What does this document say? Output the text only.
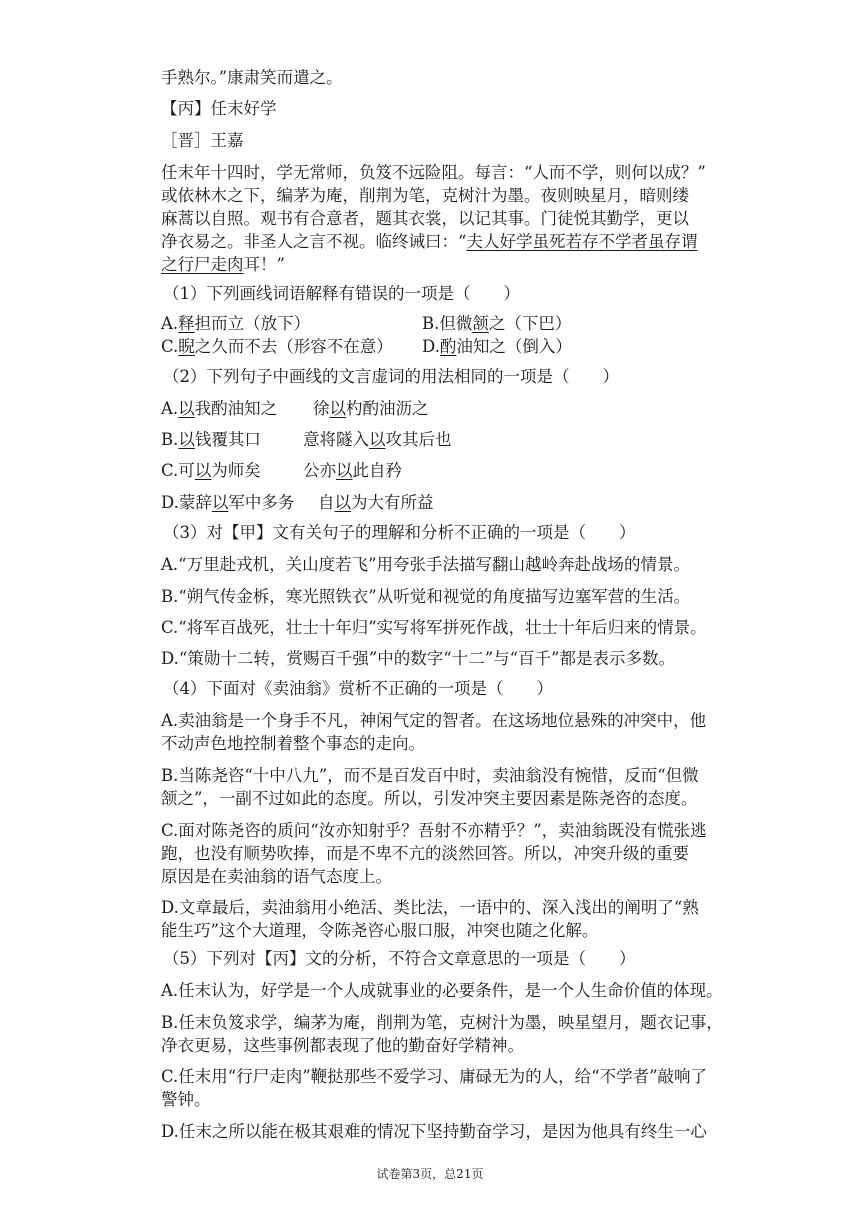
手熟尔。”康肃笑而遣之。
【丙】任末好学
［晋］王嘉
任末年十四时，学无常师，负笈不远险阻。每言：“人而不学，则何以成？”
或依林木之下，编茅为庵，削荆为笔，克树汁为墨。夜则映星月，暗则缕
麻蒿以自照。观书有合意者，题其衣裳，以记其事。门徒悦其勤学，更以
净衣易之。非圣人之言不视。临终诫曰：“夫人好学虽死若存不学者虽存谓
之行尸走肉耳！”
（1）下列画线词语解释有错误的一项是（　　）
A.释担而立（放下）	B.但微颔之（下巴）
C.睨之久而不去（形容不在意） D.酌油知之（倒入）
（2）下列句子中画线的文言虚词的用法相同的一项是（　　）
A.以我酌油知之 徐以杓酌油沥之
B.以钱覆其口	意将隧入以攻其后也
C.可以为师矣	公亦以此自矜
D.蒙辞以军中多务 自以为大有所益
（3）对【甲】文有关句子的理解和分析不正确的一项是（　　）
A.“万里赴戎机，关山度若飞”用夸张手法描写翻山越岭奔赴战场的情景。
B.“朔气传金柝，寒光照铁衣”从听觉和视觉的角度描写边塞军营的生活。
C.“将军百战死，壮士十年归”实写将军拼死作战，壮士十年后归来的情景。
D.“策勋十二转，赏赐百千强”中的数字“十二”与“百千”都是表示多数。
（4）下面对《卖油翁》赏析不正确的一项是（　　）
A.卖油翁是一个身手不凡，神闲气定的智者。在这场地位悬殊的冲突中，他
不动声色地控制着整个事态的走向。
B.当陈尧咨“十中八九”，而不是百发百中时，卖油翁没有惋惜，反而“但微
颔之”，一副不过如此的态度。所以，引发冲突主要因素是陈尧咨的态度。
C.面对陈尧咨的质问“汝亦知射乎？吾射不亦精乎？”，卖油翁既没有慌张逃
跑，也没有顺势吹捧，而是不卑不亢的淡然回答。所以，冲突升级的重要
原因是在卖油翁的语气态度上。
D.文章最后，卖油翁用小绝活、类比法，一语中的、深入浅出的阐明了“熟
能生巧”这个大道理，令陈尧咨心服口服，冲突也随之化解。
（5）下列对【丙】文的分析，不符合文章意思的一项是（　　）
A.任末认为，好学是一个人成就事业的必要条件，是一个人生命价值的体现。
B.任末负笈求学，编茅为庵，削荆为笔，克树汁为墨，映星望月，题衣记事，
净衣更易，这些事例都表现了他的勤奋好学精神。
C.任末用“行尸走肉”鞭挞那些不爱学习、庸碌无为的人，给“不学者”敲响了
警钟。
D.任末之所以能在极其艰难的情况下坚持勤奋学习，是因为他具有终生一心
试卷第3页，总21页
